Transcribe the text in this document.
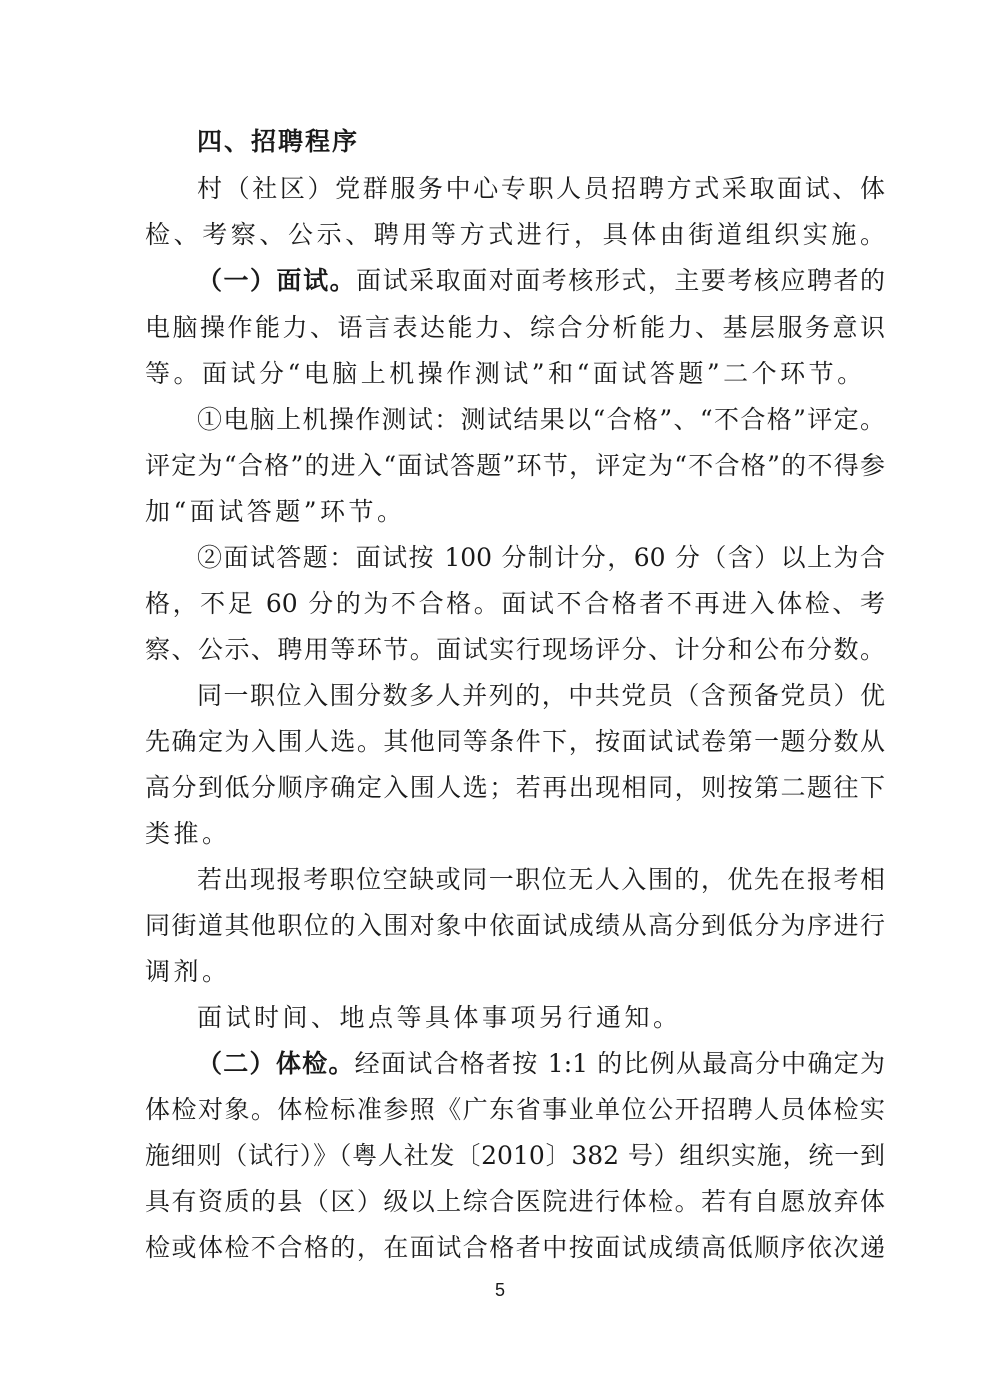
四、招聘程序
村（社区）党群服务中心专职人员招聘方式采取面试、体
检、考察、公示、聘用等方式进行，具体由街道组织实施。
（一）面试。面试采取面对面考核形式，主要考核应聘者的
电脑操作能力、语言表达能力、综合分析能力、基层服务意识
等。面试分“电脑上机操作测试”和“面试答题”二个环节。
①电脑上机操作测试：测试结果以“合格”、“不合格”评定。
评定为“合格”的进入“面试答题”环节，评定为“不合格”的不得参
加“面试答题”环节。
②面试答题：面试按 100 分制计分，60 分（含）以上为合
格，不足 60 分的为不合格。面试不合格者不再进入体检、考
察、公示、聘用等环节。面试实行现场评分、计分和公布分数。
同一职位入围分数多人并列的，中共党员（含预备党员）优
先确定为入围人选。其他同等条件下，按面试试卷第一题分数从
高分到低分顺序确定入围人选；若再出现相同，则按第二题往下
类推。
若出现报考职位空缺或同一职位无人入围的，优先在报考相
同街道其他职位的入围对象中依面试成绩从高分到低分为序进行
调剂。
面试时间、地点等具体事项另行通知。
（二）体检。经面试合格者按 1:1 的比例从最高分中确定为
体检对象。体检标准参照《广东省事业单位公开招聘人员体检实
施细则（试行）》（粤人社发〔2010〕382 号）组织实施，统一到
具有资质的县（区）级以上综合医院进行体检。若有自愿放弃体
检或体检不合格的，在面试合格者中按面试成绩高低顺序依次递
5
